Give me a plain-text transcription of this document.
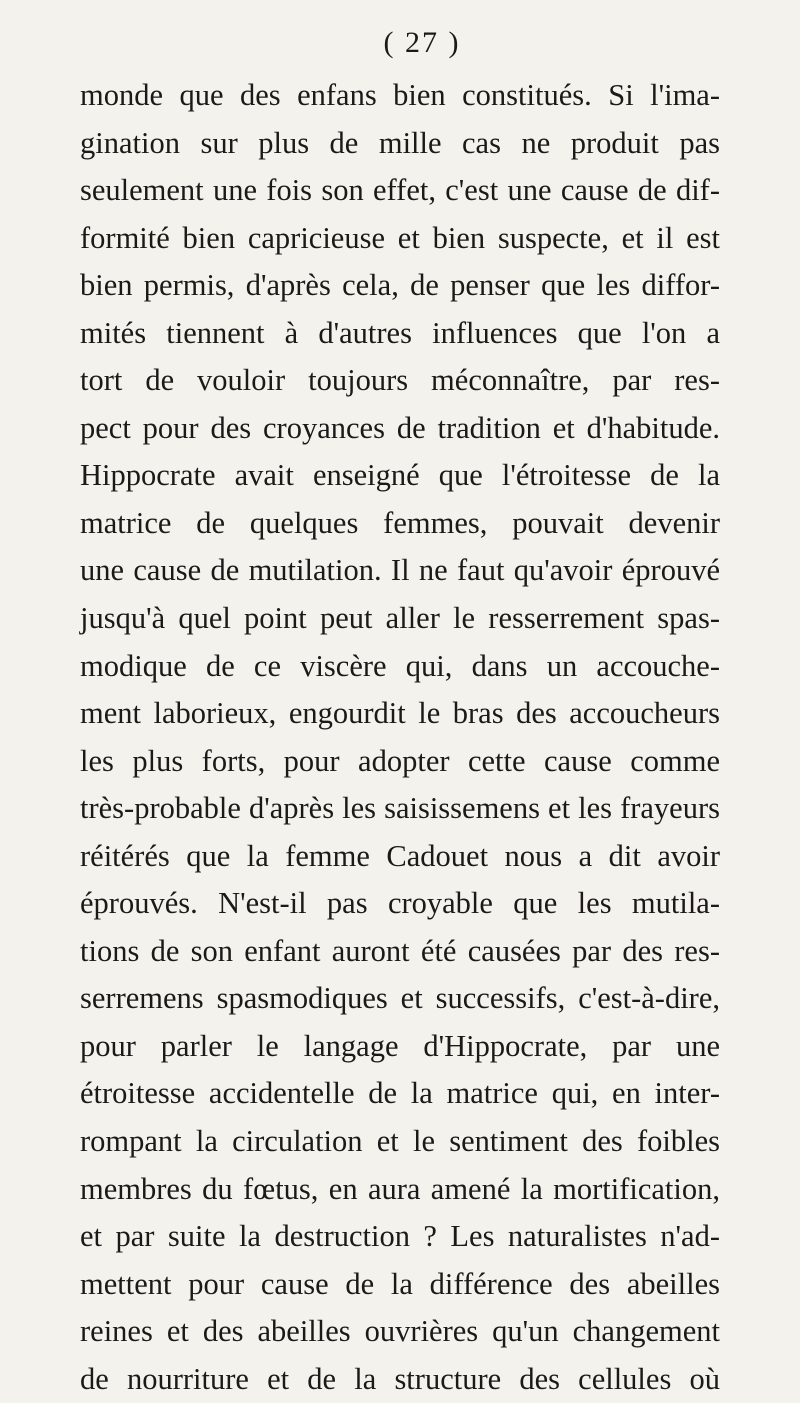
( 27 )
monde que des enfans bien constitués. Si l'ima-
gination sur plus de mille cas ne produit pas
seulement une fois son effet, c'est une cause de dif-
formité bien capricieuse et bien suspecte, et il est
bien permis, d'après cela, de penser que les diffor-
mités tiennent à d'autres influences que l'on a
tort de vouloir toujours méconnaître, par res-
pect pour des croyances de tradition et d'habitude.
Hippocrate avait enseigné que l'étroitesse de la
matrice de quelques femmes, pouvait devenir
une cause de mutilation. Il ne faut qu'avoir éprouvé
jusqu'à quel point peut aller le resserrement spas-
modique de ce viscère qui, dans un accouche-
ment laborieux, engourdit le bras des accoucheurs
les plus forts, pour adopter cette cause comme
très-probable d'après les saisissemens et les frayeurs
réitérés que la femme Cadouet nous a dit avoir
éprouvés. N'est-il pas croyable que les mutila-
tions de son enfant auront été causées par des res-
serremens spasmodiques et successifs, c'est-à-dire,
pour parler le langage d'Hippocrate, par une
étroitesse accidentelle de la matrice qui, en inter-
rompant la circulation et le sentiment des foibles
membres du fœtus, en aura amené la mortification,
et par suite la destruction ? Les naturalistes n'ad-
mettent pour cause de la différence des abeilles
reines et des abeilles ouvrières qu'un changement
de nourriture et de la structure des cellules où
